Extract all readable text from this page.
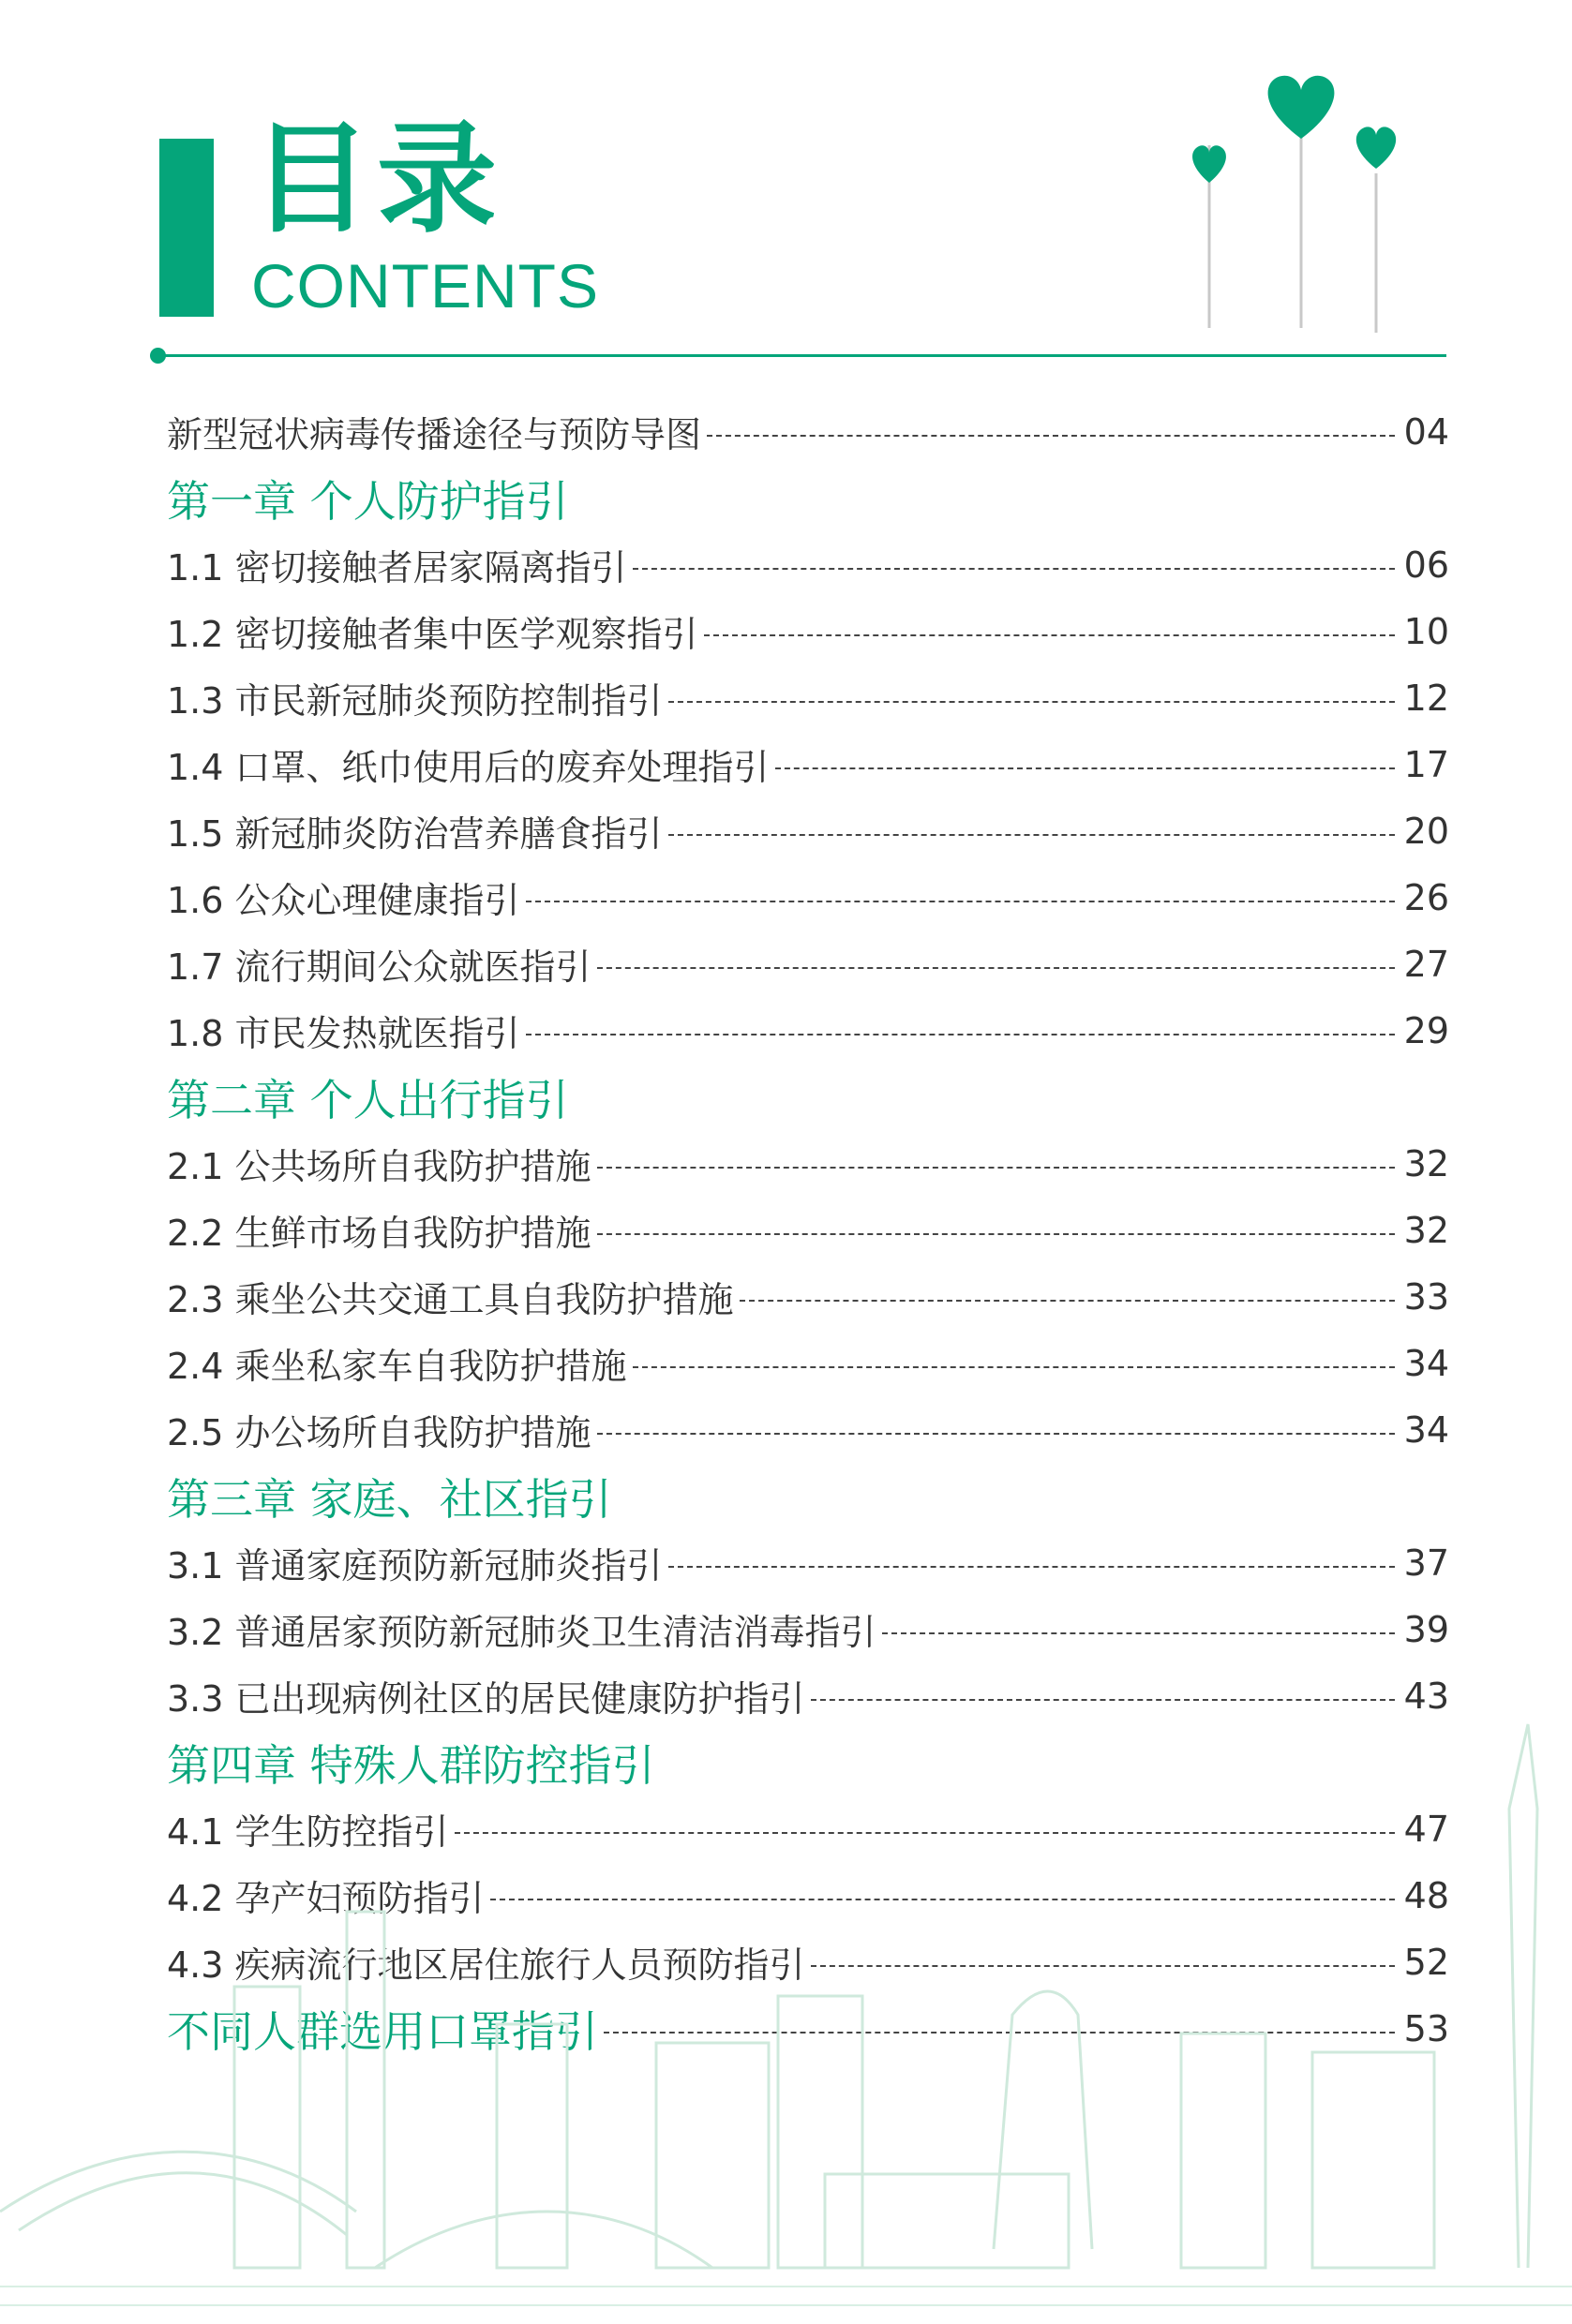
目录
CONTENTS
新型冠状病毒传播途径与预防导图	04
第一章 个人防护指引
1.1 密切接触者居家隔离指引	06
1.2 密切接触者集中医学观察指引	10
1.3 市民新冠肺炎预防控制指引	12
1.4 口罩、纸巾使用后的废弃处理指引	17
1.5 新冠肺炎防治营养膳食指引	20
1.6 公众心理健康指引	26
1.7 流行期间公众就医指引	27
1.8 市民发热就医指引	29
第二章 个人出行指引
2.1 公共场所自我防护措施	32
2.2 生鲜市场自我防护措施	32
2.3 乘坐公共交通工具自我防护措施	33
2.4 乘坐私家车自我防护措施	34
2.5 办公场所自我防护措施	34
第三章 家庭、社区指引
3.1 普通家庭预防新冠肺炎指引	37
3.2 普通居家预防新冠肺炎卫生清洁消毒指引	39
3.3 已出现病例社区的居民健康防护指引	43
第四章 特殊人群防控指引
4.1 学生防控指引	47
4.2 孕产妇预防指引	48
4.3 疾病流行地区居住旅行人员预防指引	52
不同人群选用口罩指引	53
